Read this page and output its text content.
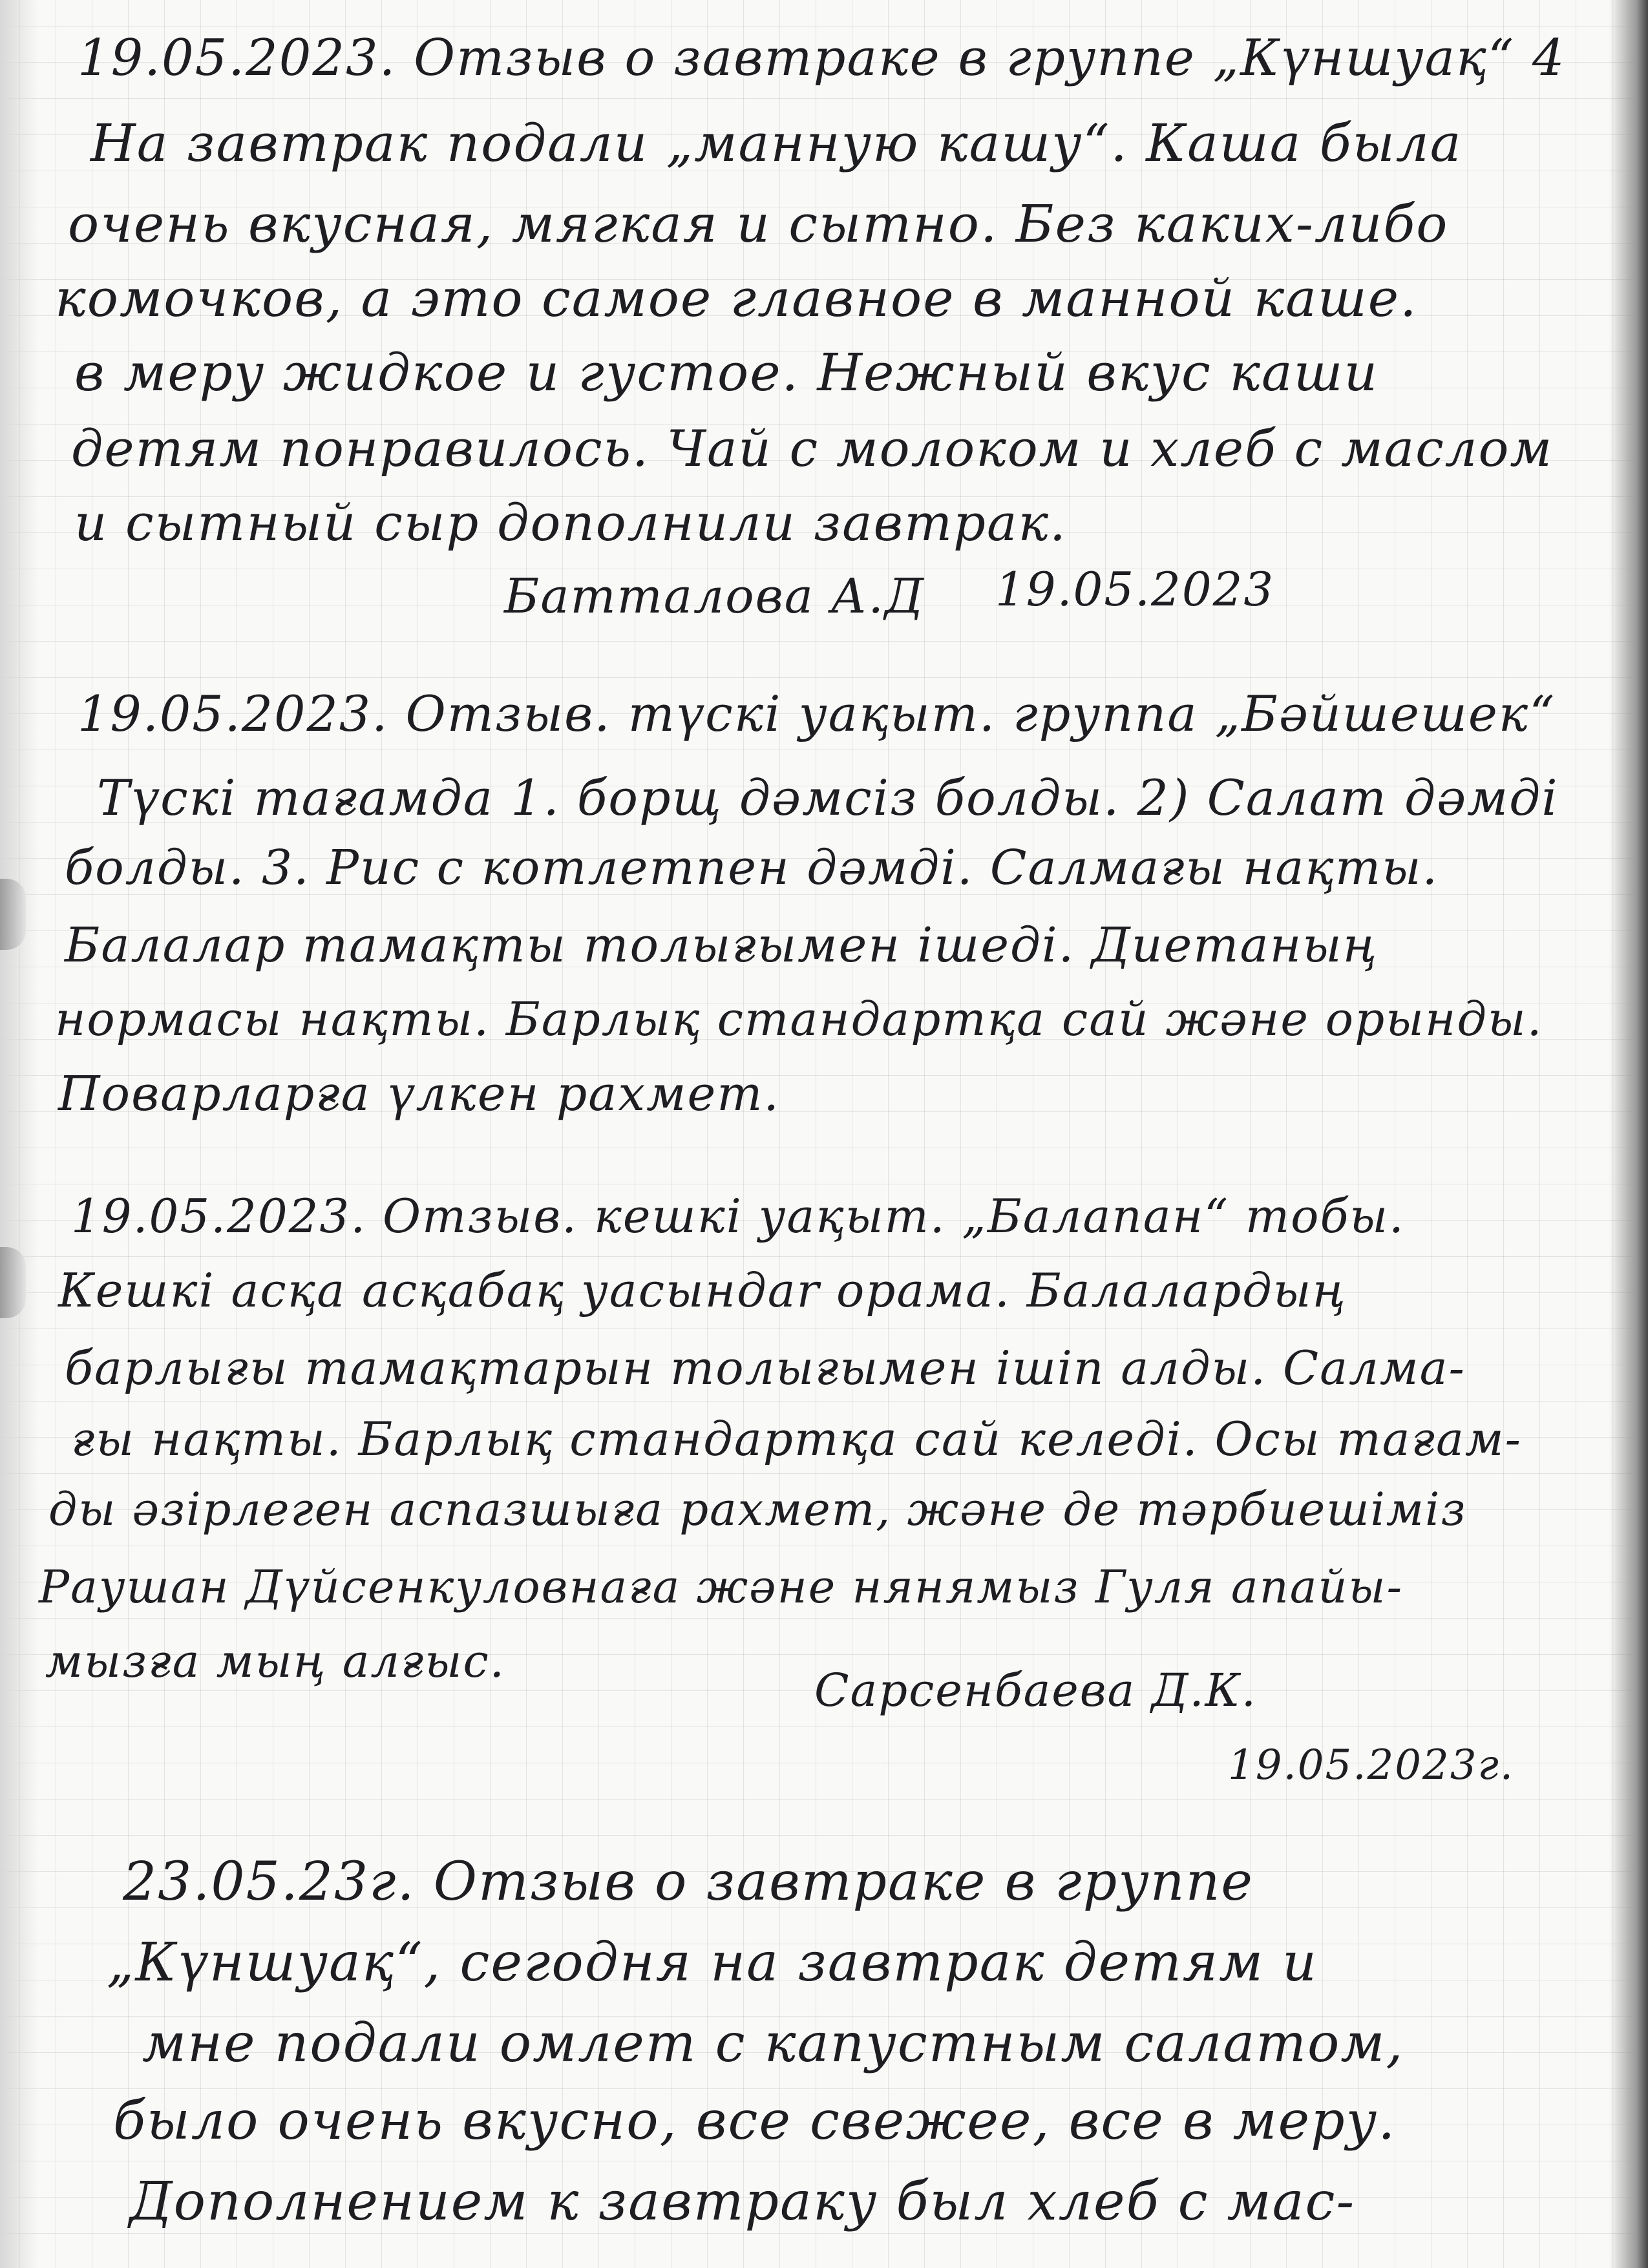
19.05.2023. Отзыв о завтраке в группе „Күншуақ“ 4
На завтрак подали „манную кашу“. Каша была
очень вкусная, мягкая и сытно. Без каких-либо
комочков, а это самое главное в манной каше.
в меру жидкое и густое. Нежный вкус каши
детям понравилось. Чай с молоком и хлеб с маслом
и сытный сыр дополнили завтрак.
Батталова А.Д 19.05.2023
19.05.2023. Отзыв. түскі уақыт. группа „Бәйшешек“
Түскі тағамда 1. борщ дәмсіз болды. 2) Салат дәмді
болды. 3. Рис с котлетпен дәмді. Салмағы нақты.
Балалар тамақты толығымен ішеді. Диетаның
нормасы нақты. Барлық стандартқа сай және орынды.
Поварларға үлкен рахмет.
19.05.2023. Отзыв. кешкі уақыт. „Балапан“ тобы.
Кешкі асқа асқабақ уасындаr орама. Балалардың
барлығы тамақтарын толығымен ішіп алды. Салма-
ғы нақты. Барлық стандартқа сай келеді. Осы тағам-
ды әзірлеген аспазшыға рахмет, және де тәрбиешіміз
Раушан Дүйсенкуловнаға және нянямыз Гуля апайы-
мызға мың алғыс.
Сарсенбаева Д.К.
19.05.2023г.
23.05.23г. Отзыв о завтраке в группе
„Күншуақ“, сегодня на завтрак детям и
мне подали омлет с капустным салатом,
было очень вкусно, все свежее, все в меру.
Дополнением к завтраку был хлеб с мас-
